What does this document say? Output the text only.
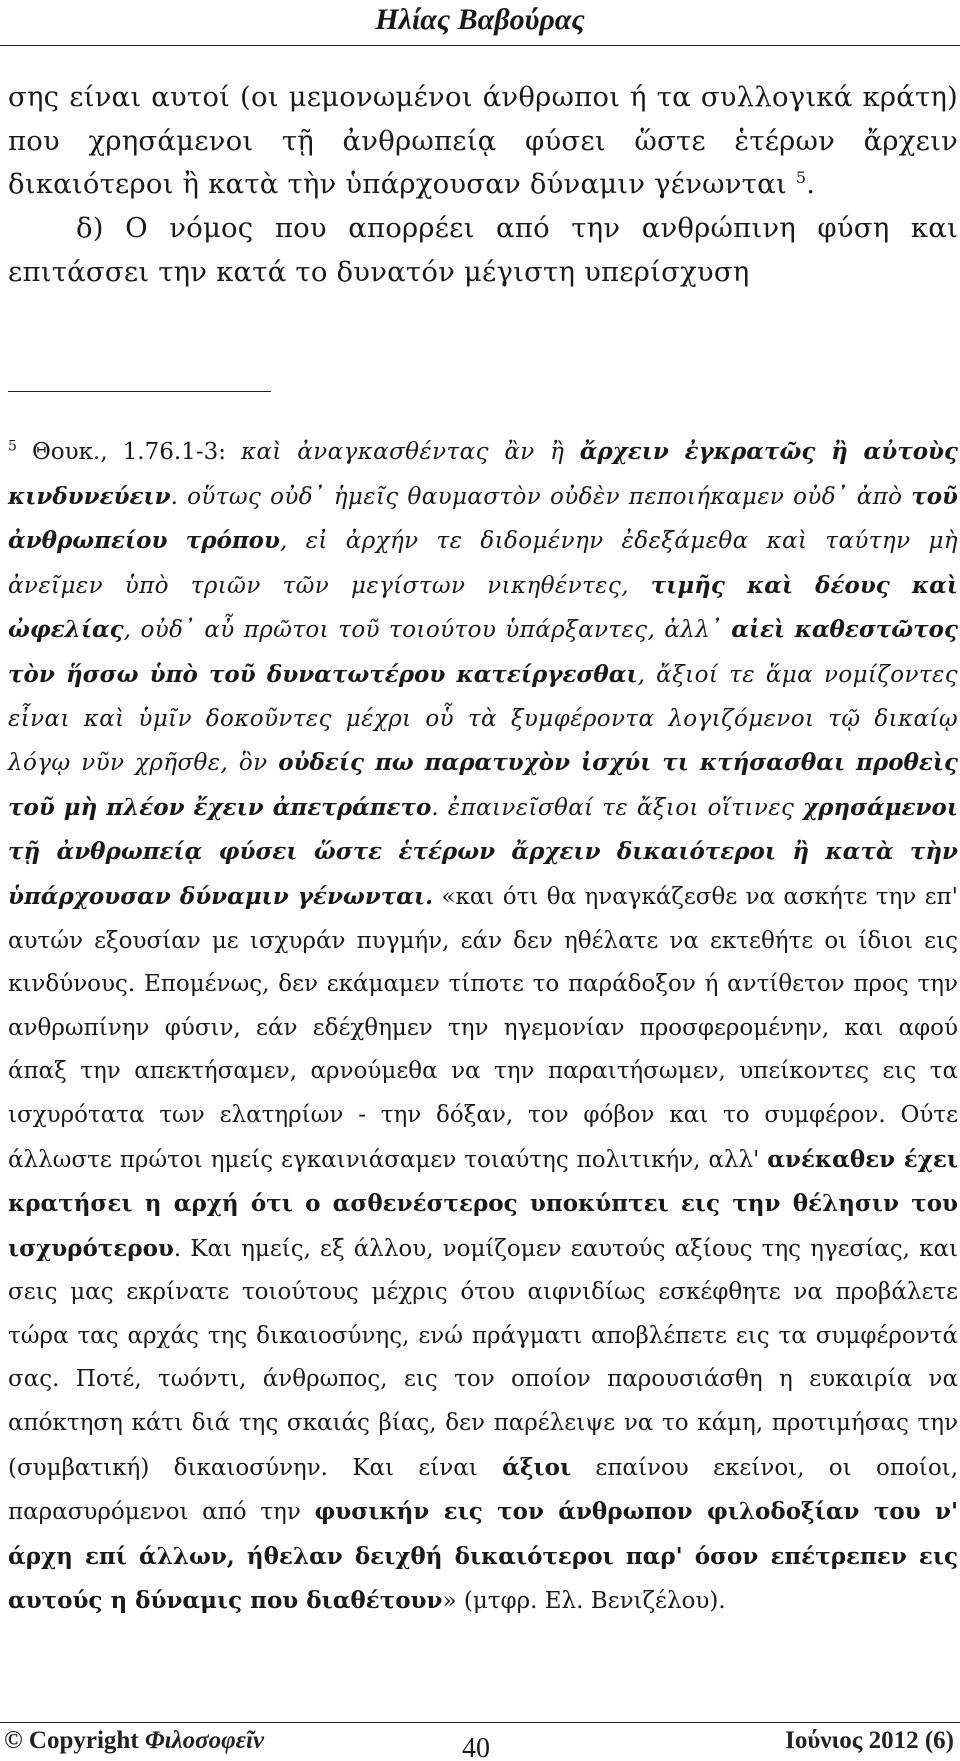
Ηλίας Βαβούρας

σης είναι αυτοί (οι μεμονωμένοι άνθρωποι ή τα συλλογικά κράτη) που χρησάμενοι τῇ ἀνθρωπείᾳ φύσει ὥστε ἑτέρων ἄρχειν δικαιότεροι ἢ κατὰ τὴν ὑπάρχουσαν δύναμιν γένωνται $^5$.

δ) Ο νόμος που απορρέει από την ανθρώπινη φύση και επιτάσσει την κατά το δυνατόν μέγιστη υπερίσχυση

$^5$ Θουκ., 1.76.1-3: καὶ ἀναγκασθέντας ἂν ἢ ἄρχειν ἐγκρατῶς ἢ αὐτοὺς κινδυνεύειν. οὕτως οὐδ᾽ ἡμεῖς θαυμαστὸν οὐδὲν πεποιήκαμεν οὐδ᾽ ἀπὸ τοῦ ἀνθρωπείου τρόπου, εἰ ἀρχήν τε διδομένην ἐδεξάμεθα καὶ ταύτην μὴ ἀνεῖμεν ὑπὸ τριῶν τῶν μεγίστων νικηθέντες, τιμῆς καὶ δέους καὶ ὠφελίας, οὐδ᾽ αὖ πρῶτοι τοῦ τοιούτου ὑπάρξαντες, ἀλλ᾽ αἰεὶ καθεστῶτος τὸν ἥσσω ὑπὸ τοῦ δυνατωτέρου κατείργεσθαι, ἄξιοί τε ἅμα νομίζοντες εἶναι καὶ ὑμῖν δοκοῦντες μέχρι οὗ τὰ ξυμφέροντα λογιζόμενοι τῷ δικαίῳ λόγῳ νῦν χρῆσθε, ὃν οὐδείς πω παρατυχὸν ἰσχύι τι κτήσασθαι προθεὶς τοῦ μὴ πλέον ἔχειν ἀπετράπετο. ἐπαινεῖσθαί τε ἄξιοι οἵτινες χρησάμενοι τῇ ἀνθρωπείᾳ φύσει ὥστε ἑτέρων ἄρχειν δικαιότεροι ἢ κατὰ τὴν ὑπάρχουσαν δύναμιν γένωνται. «και ότι θα ηναγκάζεσθε να ασκήτε την επ' αυτών εξουσίαν με ισχυράν πυγμήν, εάν δεν ηθέλατε να εκτεθήτε οι ίδιοι εις κινδύνους. Επομένως, δεν εκάμαμεν τίποτε το παράδοξον ή αντίθετον προς την ανθρωπίνην φύσιν, εάν εδέχθημεν την ηγεμονίαν προσφερομένην, και αφού άπαξ την απεκτήσαμεν, αρνούμεθα να την παραιτήσωμεν, υπείκοντες εις τα ισχυρότατα των ελατηρίων - την δόξαν, τον φόβον και το συμφέρον. Ούτε άλλωστε πρώτοι ημείς εγκαινιάσαμεν τοιαύτης πολιτικήν, αλλ' ανέκαθεν έχει κρατήσει η αρχή ότι ο ασθενέστερος υποκύπτει εις την θέλησιν του ισχυρότερου. Και ημείς, εξ άλλου, νομίζομεν εαυτούς αξίους της ηγεσίας, και σεις μας εκρίνατε τοιούτους μέχρις ότου αιφνιδίως εσκέφθητε να προβάλετε τώρα τας αρχάς της δικαιοσύνης, ενώ πράγματι αποβλέπετε εις τα συμφέροντά σας. Ποτέ, τωόντι, άνθρωπος, εις τον οποίον παρουσιάσθη η ευκαιρία να απόκτηση κάτι διά της σκαιάς βίας, δεν παρέλειψε να το κάμη, προτιμήσας την (συμβατική) δικαιοσύνην. Και είναι άξιοι επαίνου εκείνοι, οι οποίοι, παρασυρόμενοι από την φυσικήν εις τον άνθρωπον φιλοδοξίαν του ν' άρχη επί άλλων, ήθελαν δειχθή δικαιότεροι παρ' όσον επέτρεπεν εις αυτούς η δύναμις που διαθέτουν» (μτφρ. Ελ. Βενιζέλου).

© Copyright Φιλοσοφεῖν	40	Ιούνιος 2012 (6)
